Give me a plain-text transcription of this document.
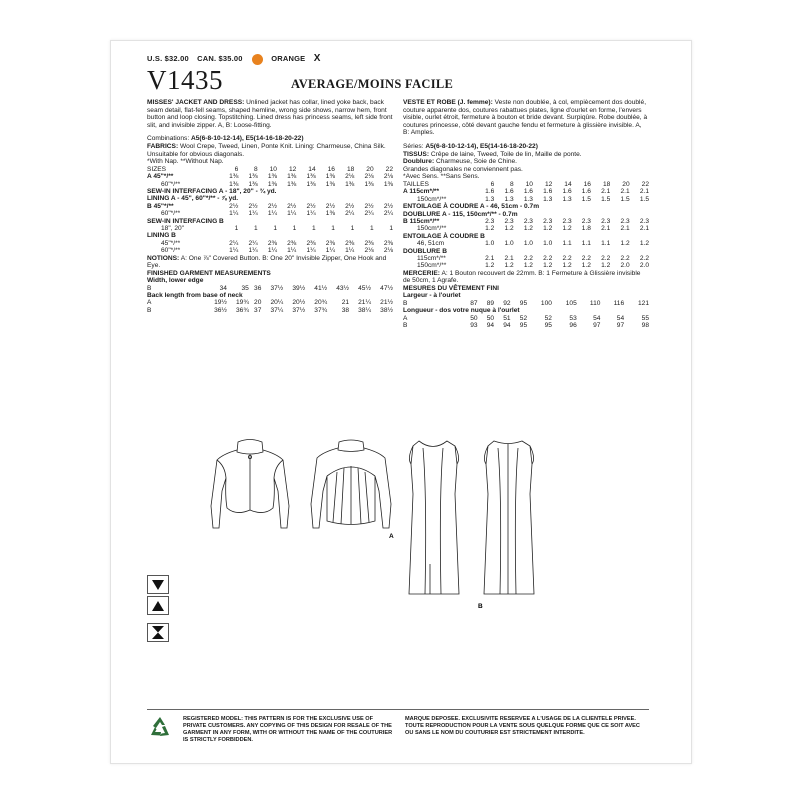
U.S. $32.00 CAN. $35.00	ORANGE X
V1435	AVERAGE/MOINS FACILE

MISSES' JACKET AND DRESS: Unlined jacket has collar, lined yoke back, back seam detail, flat-fell seams, shaped hemline, wrong side shows, narrow hem, front button and loop closing. Topstitching. Lined dress has princess seams, left side front slit, and invisible zipper. A, B: Loose-fitting.

Combinations: A5(6-8-10-12-14), E5(14-16-18-20-22)

FABRICS: Wool Crepe, Tweed, Linen, Ponte Knit. Lining: Charmeuse, China Silk.

Unsuitable for obvious diagonals.

*With Nap. **Without Nap.

SIZES	6	8	10	12	14	16	18	20	22
A 45"*/**	1⅜	1⅜	1⅜	1⅜	1⅜	1⅜	2⅛	2⅛	2⅛
60"*/**	1⅜	1⅜	1⅜	1⅜	1⅜	1⅜	1⅜	1⅜	1⅜
SEW-IN INTERFACING A - 18", 20" - ¾ yd.									
LINING A - 45", 60"*/** - ⅞ yd.									
B 45"*/**	2½	2½	2½	2½	2½	2½	2½	2½	2½
60"*/**	1¼	1¼	1¼	1¼	1¼	1⅜	2¼	2¼	2¼
SEW-IN INTERFACING B									
18", 20"	1	1	1	1	1	1	1	1	1
LINING B									
45"*/**	2¼	2¼	2⅜	2⅜	2⅜	2⅜	2⅜	2⅜	2⅜
60"*/**	1¼	1¼	1¼	1¼	1¼	1¼	1¼	2⅛	2⅛

NOTIONS: A: One ⅞" Covered Button. B: One 20" Invisible Zipper, One Hook and Eye.

FINISHED GARMENT MEASUREMENTS									
Width, lower edge									
B	34	35	36	37½	39½	41½	43½	45½	47½
Back length from base of neck									
A	19½	19¾	20	20¼	20½	20¾	21	21¼	21½
B	36½	36¾	37	37¼	37½	37¾	38	38¼	38½

VESTE ET ROBE (J. femme): Veste non doublée, à col, empiècement dos doublé, couture apparente dos, coutures rabattues plates, ligne d'ourlet en forme, l'envers visible, ourlet étroit, fermeture à bouton et bride devant. Surpiqûre. Robe doublée, à coutures princesse, côté devant gauche fendu et fermeture à glissière invisible. A, B: Amples.

Séries: A5(6-8-10-12-14), E5(14-16-18-20-22)

TISSUS: Crêpe de laine, Tweed, Toile de lin, Maille de ponte.

Doublure: Charmeuse, Soie de Chine.

Grandes diagonales ne conviennent pas.

*Avec Sens. **Sans Sens.

TAILLES	6	8	10	12	14	16	18	20	22
A 115cm*/**	1.6	1.6	1.6	1.6	1.6	1.6	2.1	2.1	2.1
150cm*/**	1.3	1.3	1.3	1.3	1.3	1.5	1.5	1.5	1.5
ENTOILAGE À COUDRE A - 46, 51cm - 0.7m									
DOUBLURE A - 115, 150cm*/** - 0.7m									
B 115cm*/**	2.3	2.3	2.3	2.3	2.3	2.3	2.3	2.3	2.3
150cm*/**	1.2	1.2	1.2	1.2	1.2	1.8	2.1	2.1	2.1
ENTOILAGE À COUDRE B									
46, 51cm	1.0	1.0	1.0	1.0	1.1	1.1	1.1	1.2	1.2
DOUBLURE B									
115cm*/**	2.1	2.1	2.2	2.2	2.2	2.2	2.2	2.2	2.2
150cm*/**	1.2	1.2	1.2	1.2	1.2	1.2	1.2	2.0	2.0

MERCERIE: A: 1 Bouton recouvert de 22mm. B: 1 Fermeture à Glissière invisible de 50cm, 1 Agrafe.

MESURES DU VÊTEMENT FINI									
Largeur - à l'ourlet									
B	87	89	92	95	100	105	110	116	121
Longueur - dos votre nuque à l'ourlet									
A	50	50	51	52	52	53	54	54	55
B	93	94	94	95	95	96	97	97	98
A
B
REGISTERED MODEL: THIS PATTERN IS FOR THE EXCLUSIVE USE OF PRIVATE CUSTOMERS. ANY COPYING OF THIS DESIGN FOR RESALE OF THE GARMENT IN ANY FORM, WITH OR WITHOUT THE NAME OF THE COUTURIER IS STRICTLY FORBIDDEN.
MARQUE DEPOSEE. EXCLUSIVITE RESERVEE A L'USAGE DE LA CLIENTELE PRIVEE. TOUTE REPRODUCTION POUR LA VENTE SOUS QUELQUE FORME QUE CE SOIT AVEC OU SANS LE NOM DU COUTURIER EST STRICTEMENT INTERDITE.
